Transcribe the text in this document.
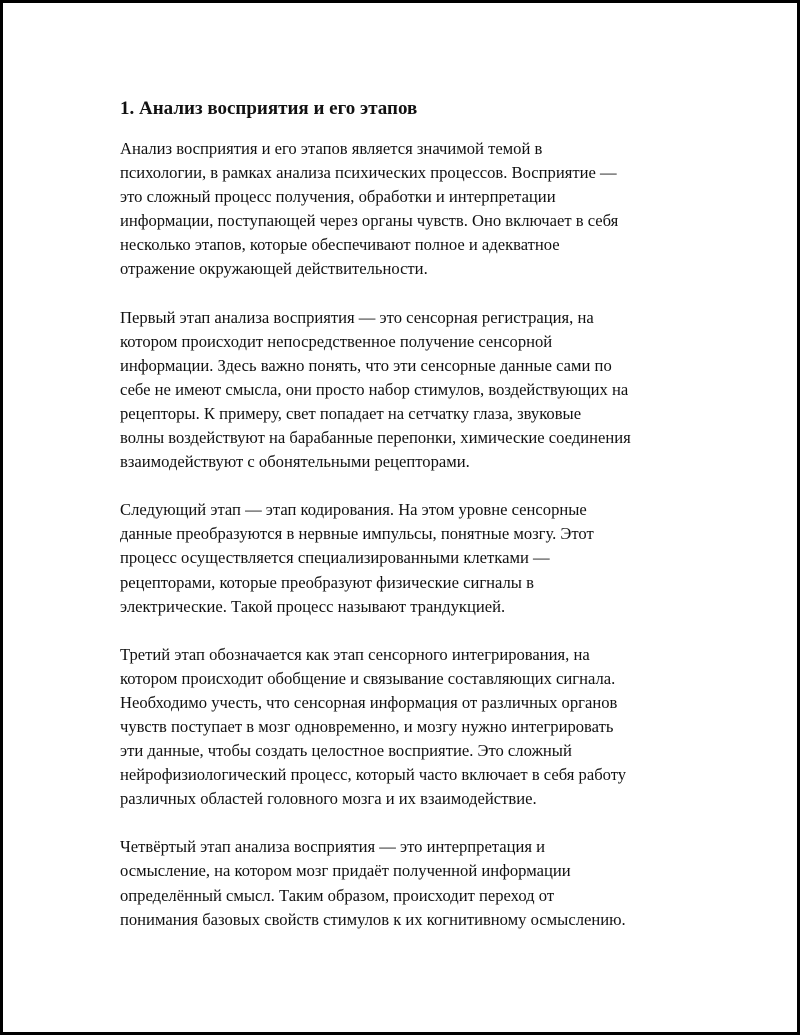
1. Анализ восприятия и его этапов

Анализ восприятия и его этапов является значимой темой в
психологии, в рамках анализа психических процессов. Восприятие —
это сложный процесс получения, обработки и интерпретации
информации, поступающей через органы чувств. Оно включает в себя
несколько этапов, которые обеспечивают полное и адекватное
отражение окружающей действительности.

Первый этап анализа восприятия — это сенсорная регистрация, на
котором происходит непосредственное получение сенсорной
информации. Здесь важно понять, что эти сенсорные данные сами по
себе не имеют смысла, они просто набор стимулов, воздействующих на
рецепторы. К примеру, свет попадает на сетчатку глаза, звуковые
волны воздействуют на барабанные перепонки, химические соединения
взаимодействуют с обонятельными рецепторами.

Следующий этап — этап кодирования. На этом уровне сенсорные
данные преобразуются в нервные импульсы, понятные мозгу. Этот
процесс осуществляется специализированными клетками —
рецепторами, которые преобразуют физические сигналы в
электрические. Такой процесс называют трандукцией.

Третий этап обозначается как этап сенсорного интегрирования, на
котором происходит обобщение и связывание составляющих сигнала.
Необходимо учесть, что сенсорная информация от различных органов
чувств поступает в мозг одновременно, и мозгу нужно интегрировать
эти данные, чтобы создать целостное восприятие. Это сложный
нейрофизиологический процесс, который часто включает в себя работу
различных областей головного мозга и их взаимодействие.

Четвёртый этап анализа восприятия — это интерпретация и
осмысление, на котором мозг придаёт полученной информации
определённый смысл. Таким образом, происходит переход от
понимания базовых свойств стимулов к их когнитивному осмыслению.
